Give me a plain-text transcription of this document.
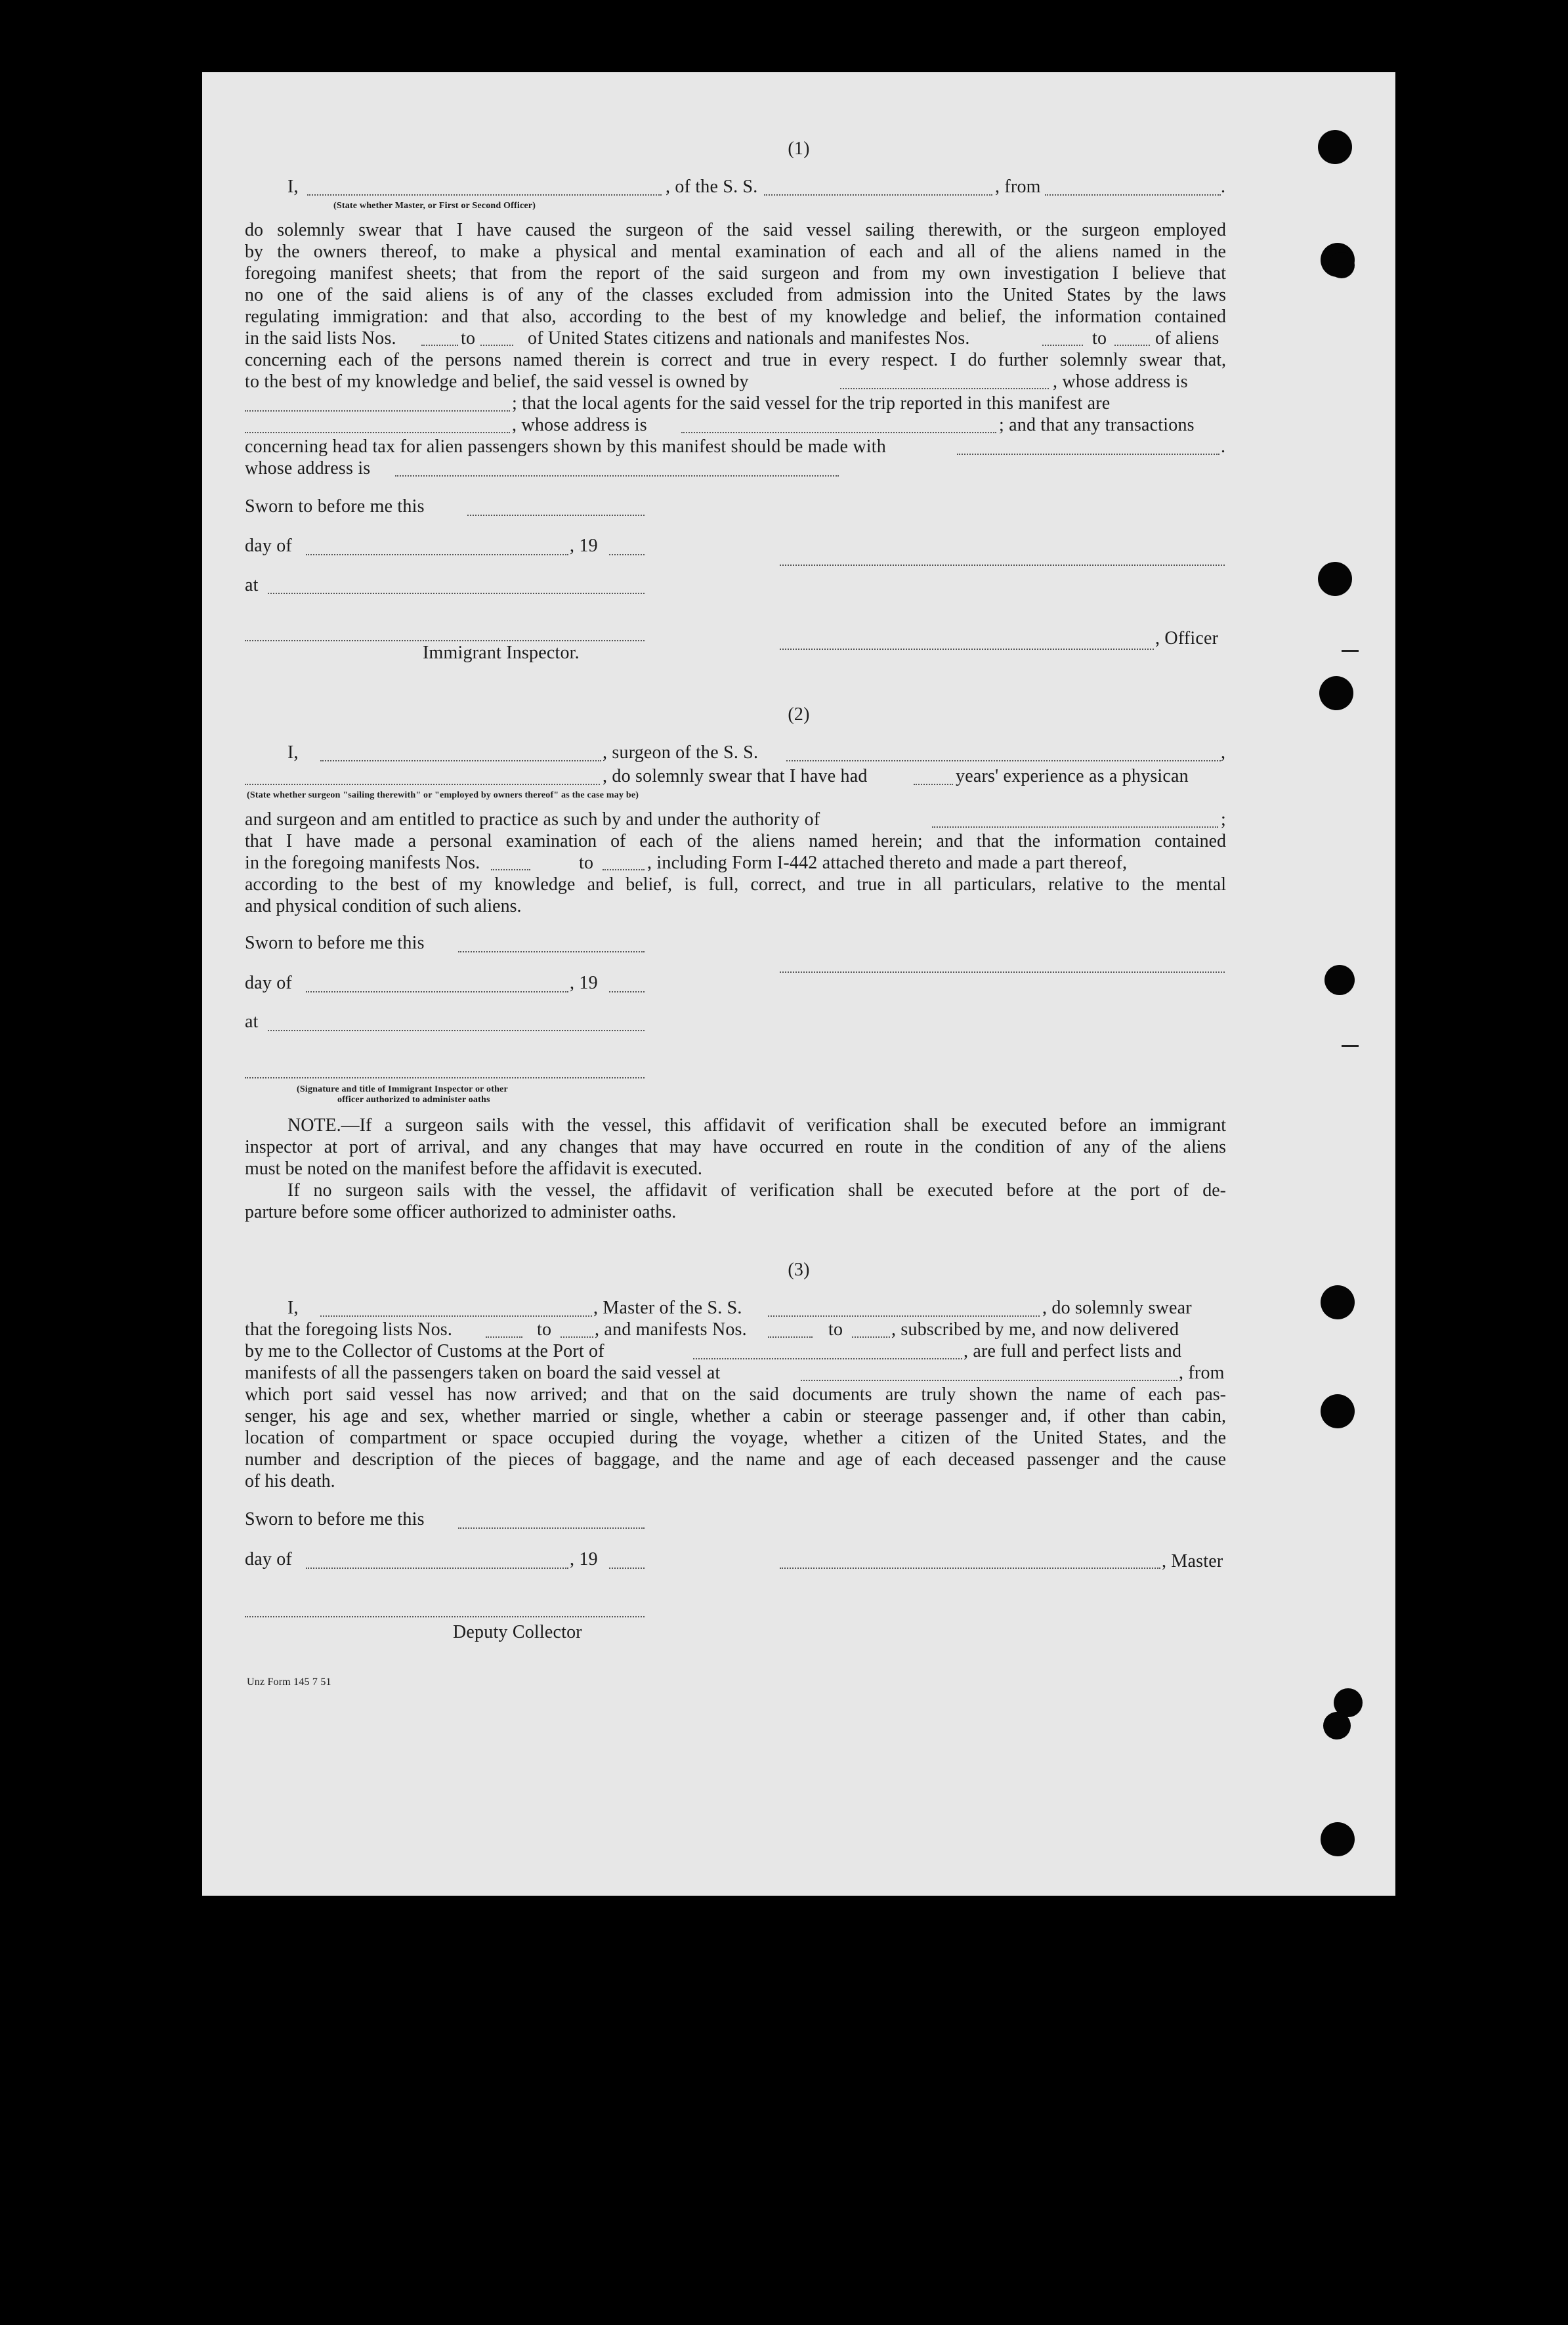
(1)
I,	, of the S. S.	, from	.
(State whether Master, or First or Second Officer)
do solemnly swear that I have caused the surgeon of the said vessel sailing therewith, or the surgeon employed
by the owners thereof, to make a physical and mental examination of each and all of the aliens named in the
foregoing manifest sheets; that from the report of the said surgeon and from my own investigation I believe that
no one of the said aliens is of any of the classes excluded from admission into the United States by the laws
regulating immigration: and that also, according to the best of my knowledge and belief, the information contained
in the said lists Nos.	to	of United States citizens and nationals and manifestes Nos.	to	of aliens
concerning each of the persons named therein is correct and true in every respect. I do further solemnly swear that,
to the best of my knowledge and belief, the said vessel is owned by	, whose address is
; that the local agents for the said vessel for the trip reported in this manifest are
, whose address is	; and that any transactions
concerning head tax for alien passengers shown by this manifest should be made with	.
whose address is
Sworn to before me this
day of	, 19
at
, Officer
Immigrant Inspector.
(2)
I,	, surgeon of the S. S.	,
, do solemnly swear that I have had	years' experience as a physican
(State whether surgeon "sailing therewith" or "employed by owners thereof" as the case may be)
and surgeon and am entitled to practice as such by and under the authority of	;
that I have made a personal examination of each of the aliens named herein; and that the information contained
in the foregoing manifests Nos.	to	, including Form I-442 attached thereto and made a part thereof,
according to the best of my knowledge and belief, is full, correct, and true in all particulars, relative to the mental
and physical condition of such aliens.
Sworn to before me this
day of	, 19
at
(Signature and title of Immigrant Inspector or other
officer authorized to administer oaths
NOTE.—If a surgeon sails with the vessel, this affidavit of verification shall be executed before an immigrant
inspector at port of arrival, and any changes that may have occurred en route in the condition of any of the aliens
must be noted on the manifest before the affidavit is executed.
If no surgeon sails with the vessel, the affidavit of verification shall be executed before at the port of de-
parture before some officer authorized to administer oaths.
(3)
I,	, Master of the S. S.	, do solemnly swear
that the foregoing lists Nos.	to , and manifests Nos.	to	, subscribed by me, and now delivered
by me to the Collector of Customs at the Port of	, are full and perfect lists and
manifests of all the passengers taken on board the said vessel at	, from
which port said vessel has now arrived; and that on the said documents are truly shown the name of each pas-
senger, his age and sex, whether married or single, whether a cabin or steerage passenger and, if other than cabin,
location of compartment or space occupied during the voyage, whether a citizen of the United States, and the
number and description of the pieces of baggage, and the name and age of each deceased passenger and the cause
of his death.
Sworn to before me this
day of	, 19	, Master
Deputy Collector
Unz Form 145 7 51
